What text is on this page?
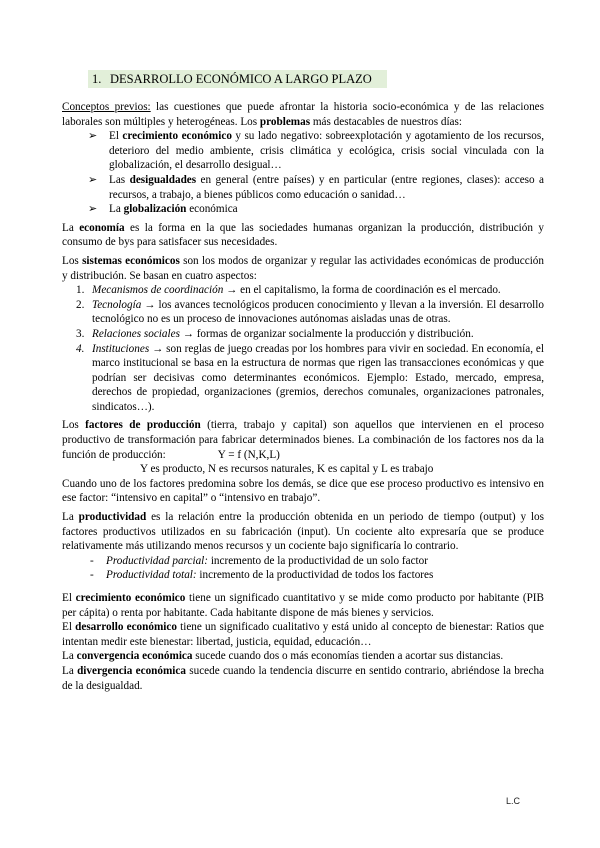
1. DESARROLLO ECONÓMICO A LARGO PLAZO

Conceptos previos: las cuestiones que puede afrontar la historia socio-económica y de las relaciones laborales son múltiples y heterogéneas. Los problemas más destacables de nuestros días:

➢ El crecimiento económico y su lado negativo: sobreexplotación y agotamiento de los recursos, deterioro del medio ambiente, crisis climática y ecológica, crisis social vinculada con la globalización, el desarrollo desigual…
➢ Las desigualdades en general (entre países) y en particular (entre regiones, clases): acceso a recursos, a trabajo, a bienes públicos como educación o sanidad…
➢ La globalización económica

La economía es la forma en la que las sociedades humanas organizan la producción, distribución y consumo de bys para satisfacer sus necesidades.

Los sistemas económicos son los modos de organizar y regular las actividades económicas de producción y distribución. Se basan en cuatro aspectos:

1. Mecanismos de coordinación → en el capitalismo, la forma de coordinación es el mercado.
2. Tecnología → los avances tecnológicos producen conocimiento y llevan a la inversión. El desarrollo tecnológico no es un proceso de innovaciones autónomas aisladas unas de otras.
3. Relaciones sociales → formas de organizar socialmente la producción y distribución.
4. Instituciones → son reglas de juego creadas por los hombres para vivir en sociedad. En economía, el marco institucional se basa en la estructura de normas que rigen las transacciones económicas y que podrían ser decisivas como determinantes económicos. Ejemplo: Estado, mercado, empresa, derechos de propiedad, organizaciones (gremios, derechos comunales, organizaciones patronales, sindicatos…).

Los factores de producción (tierra, trabajo y capital) son aquellos que intervienen en el proceso productivo de transformación para fabricar determinados bienes. La combinación de los factores nos da la función de producción:	Y = f (N,K,L)

Y es producto, N es recursos naturales, K es capital y L es trabajo

Cuando uno de los factores predomina sobre los demás, se dice que ese proceso productivo es intensivo en ese factor: “intensivo en capital” o “intensivo en trabajo”.

La productividad es la relación entre la producción obtenida en un periodo de tiempo (output) y los factores productivos utilizados en su fabricación (input). Un cociente alto expresaría que se produce relativamente más utilizando menos recursos y un cociente bajo significaría lo contrario.

- Productividad parcial: incremento de la productividad de un solo factor
- Productividad total: incremento de la productividad de todos los factores

El crecimiento económico tiene un significado cuantitativo y se mide como producto por habitante (PIB per cápita) o renta por habitante. Cada habitante dispone de más bienes y servicios.

El desarrollo económico tiene un significado cualitativo y está unido al concepto de bienestar: Ratios que intentan medir este bienestar: libertad, justicia, equidad, educación…

La convergencia económica sucede cuando dos o más economías tienden a acortar sus distancias.

La divergencia económica sucede cuando la tendencia discurre en sentido contrario, abriéndose la brecha de la desigualdad.

L.C
